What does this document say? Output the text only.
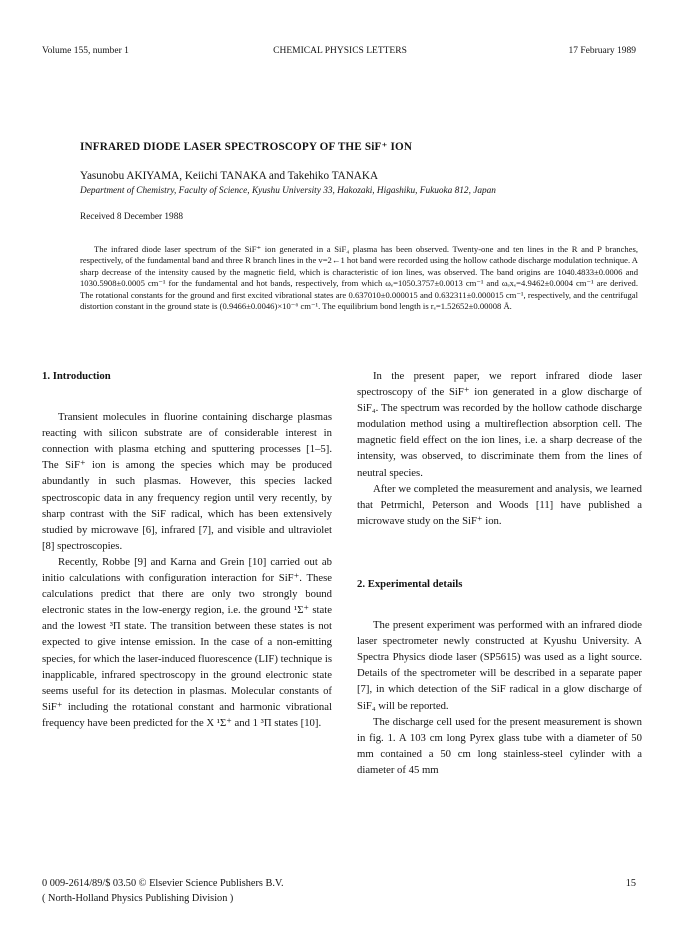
Volume 155, number 1	CHEMICAL PHYSICS LETTERS	17 February 1989
INFRARED DIODE LASER SPECTROSCOPY OF THE SiF⁺ ION
Yasunobu AKIYAMA, Keiichi TANAKA and Takehiko TANAKA
Department of Chemistry, Faculty of Science, Kyushu University 33, Hakozaki, Higashiku, Fukuoka 812, Japan
Received 8 December 1988

The infrared diode laser spectrum of the SiF⁺ ion generated in a SiF₄ plasma has been observed. Twenty-one and ten lines in the R and P branches, respectively, of the fundamental band and three R branch lines in the v=2←1 hot band were recorded using the hollow cathode discharge modulation technique. A sharp decrease of the intensity caused by the magnetic field, which is characteristic of ion lines, was observed. The band origins are 1040.4833±0.0006 and 1030.5908±0.0005 cm⁻¹ for the fundamental and hot bands, respectively, from which ωₑ=1050.3757±0.0013 cm⁻¹ and ωₑxₑ=4.9462±0.0004 cm⁻¹ are derived. The rotational constants for the ground and first excited vibrational states are 0.637010±0.000015 and 0.632311±0.000015 cm⁻¹, respectively, and the centrifugal distortion constant in the ground state is (0.9466±0.0046)×10⁻⁶ cm⁻¹. The equilibrium bond length is rₑ=1.52652±0.00008 Å.

1. Introduction

Transient molecules in fluorine containing discharge plasmas reacting with silicon substrate are of considerable interest in connection with plasma etching and sputtering processes [1–5]. The SiF⁺ ion is among the species which may be produced abundantly in such plasmas. However, this species lacked spectroscopic data in any frequency region until very recently, by sharp contrast with the SiF radical, which has been extensively studied by microwave [6], infrared [7], and visible and ultraviolet [8] spectroscopies.

Recently, Robbe [9] and Karna and Grein [10] carried out ab initio calculations with configuration interaction for SiF⁺. These calculations predict that there are only two strongly bound electronic states in the low-energy region, i.e. the ground ¹Σ⁺ state and the lowest ³Π state. The transition between these states is not expected to give intense emission. In the case of a non-emitting species, for which the laser-induced fluorescence (LIF) technique is inapplicable, infrared spectroscopy in the ground electronic state seems useful for its detection in plasmas. Molecular constants of SiF⁺ including the rotational constant and harmonic vibrational frequency have been predicted for the X ¹Σ⁺ and 1 ³Π states [10].

In the present paper, we report infrared diode laser spectroscopy of the SiF⁺ ion generated in a glow discharge of SiF₄. The spectrum was recorded by the hollow cathode discharge modulation method using a multireflection absorption cell. The magnetic field effect on the ion lines, i.e. a sharp decrease of the intensity, was observed, to discriminate them from the lines of neutral species.

After we completed the measurement and analysis, we learned that Petrmichl, Peterson and Woods [11] have published a microwave study on the SiF⁺ ion.

2. Experimental details

The present experiment was performed with an infrared diode laser spectrometer newly constructed at Kyushu University. A Spectra Physics diode laser (SP5615) was used as a light source. Details of the spectrometer will be described in a separate paper [7], in which detection of the SiF radical in a glow discharge of SiF₄ will be reported.

The discharge cell used for the present measurement is shown in fig. 1. A 103 cm long Pyrex glass tube with a diameter of 50 mm contained a 50 cm long stainless-steel cylinder with a diameter of 45 mm

0 009-2614/89/$ 03.50 © Elsevier Science Publishers B.V.
( North-Holland Physics Publishing Division )
15
